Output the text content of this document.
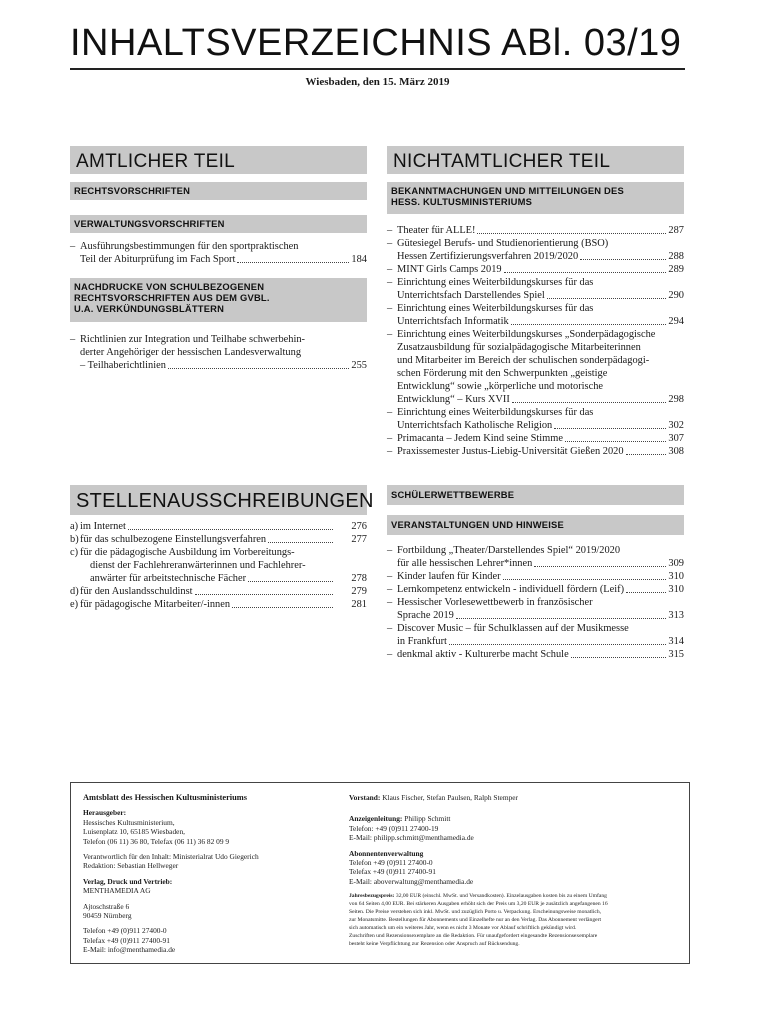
INHALTSVERZEICHNIS ABl. 03/19
Wiesbaden, den 15. März 2019
AMTLICHER TEIL
RECHTSVORSCHRIFTEN
VERWALTUNGSVORSCHRIFTEN
– Ausführungsbestimmungen für den sportpraktischen
Teil der Abiturprüfung im Fach Sport	184
NACHDRUCKE VON SCHULBEZOGENEN
RECHTSVORSCHRIFTEN AUS DEM GVBL.
U.A. VERKÜNDUNGSBLÄTTERN
– Richtlinien zur Integration und Teilhabe schwerbehin-
derter Angehöriger der hessischen Landesverwaltung
– Teilhaberichtlinien	255
NICHTAMTLICHER TEIL
BEKANNTMACHUNGEN UND MITTEILUNGEN DES
HESS. KULTUSMINISTERIUMS
– Theater für ALLE!	287
– Gütesiegel Berufs- und Studienorientierung (BSO)
Hessen Zertifizierungsverfahren 2019/2020	288
– MINT Girls Camps 2019	289
– Einrichtung eines Weiterbildungskurses für das
Unterrichtsfach Darstellendes Spiel	290
– Einrichtung eines Weiterbildungskurses für das
Unterrichtsfach Informatik	294
– Einrichtung eines Weiterbildungskurses „Sonderpädagogische
Zusatzausbildung für sozialpädagogische Mitarbeiterinnen
und Mitarbeiter im Bereich der schulischen sonderpädagogi-
schen Förderung mit den Schwerpunkten „geistige
Entwicklung“ sowie „körperliche und motorische
Entwicklung“ – Kurs XVII	298
– Einrichtung eines Weiterbildungskurses für das
Unterrichtsfach Katholische Religion	302
– Primacanta – Jedem Kind seine Stimme	307
– Praxissemester Justus-Liebig-Universität Gießen 2020	308
STELLENAUSSCHREIBUNGEN
a) im Internet	276
b) für das schulbezogene Einstellungsverfahren	277
c) für die pädagogische Ausbildung im Vorbereitungs-
dienst der Fachlehreranwärterinnen und Fachlehrer-
anwärter für arbeitstechnische Fächer	278
d) für den Auslandsschuldinst	279
e) für pädagogische Mitarbeiter/-innen	281
SCHÜLERWETTBEWERBE
VERANSTALTUNGEN UND HINWEISE
– Fortbildung „Theater/Darstellendes Spiel“ 2019/2020
für alle hessischen Lehrer*innen	309
– Kinder laufen für Kinder	310
– Lernkompetenz entwickeln - individuell fördern (Leif)	310
– Hessischer Vorlesewettbewerb in französischer
Sprache 2019	313
– Discover Music – für Schulklassen auf der Musikmesse
in Frankfurt	314
– denkmal aktiv - Kulturerbe macht Schule	315
Amtsblatt des Hessischen Kultusministeriums
Herausgeber:
Hessisches Kultusministerium,
Luisenplatz 10, 65185 Wiesbaden,
Telefon (06 11) 36 80, Telefax (06 11) 36 82 09 9
Verantwortlich für den Inhalt: Ministerialrat Udo Giegerich
Redaktion: Sebastian Hellweger
Verlag, Druck und Vertrieb:
MENTHAMEDIA AG
Ajtoschstraße 6
90459 Nürnberg
Telefon +49 (0)911 27400-0
Telefax +49 (0)911 27400-91
E-Mail: info@menthamedia.de
Vorstand: Klaus Fischer, Stefan Paulsen, Ralph Stemper
Anzeigenleitung: Philipp Schmitt
Telefon: +49 (0)911 27400-19
E-Mail: philipp.schmitt@menthamedia.de
Abonnentenverwaltung
Telefon +49 (0)911 27400-0
Telefax +49 (0)911 27400-91
E-Mail: aboverwaltung@menthamedia.de
Jahresbezugspreis: 32,00 EUR (einschl. MwSt. und Versandkosten). Einzelausgaben kosten bis zu einem Umfang
von 64 Seiten 4,00 EUR. Bei stärkeren Ausgaben erhöht sich der Preis um 3,20 EUR je zusätzlich angefangenen 16
Seiten. Die Preise verstehen sich inkl. MwSt. und zuzüglich Porto u. Verpackung. Erscheinungsweise monatlich,
zur Monatsmitte. Bestellungen für Abonnements und Einzelhefte nur an den Verlag. Das Abonnement verlängert
sich automatisch um ein weiteres Jahr, wenn es nicht 3 Monate vor Ablauf schriftlich gekündigt wird.
Zuschriften und Rezensionsexemplare an die Redaktion. Für unaufgefordert eingesandte Rezensionsexemplare
besteht keine Verpflichtung zur Rezension oder Anspruch auf Rücksendung.
